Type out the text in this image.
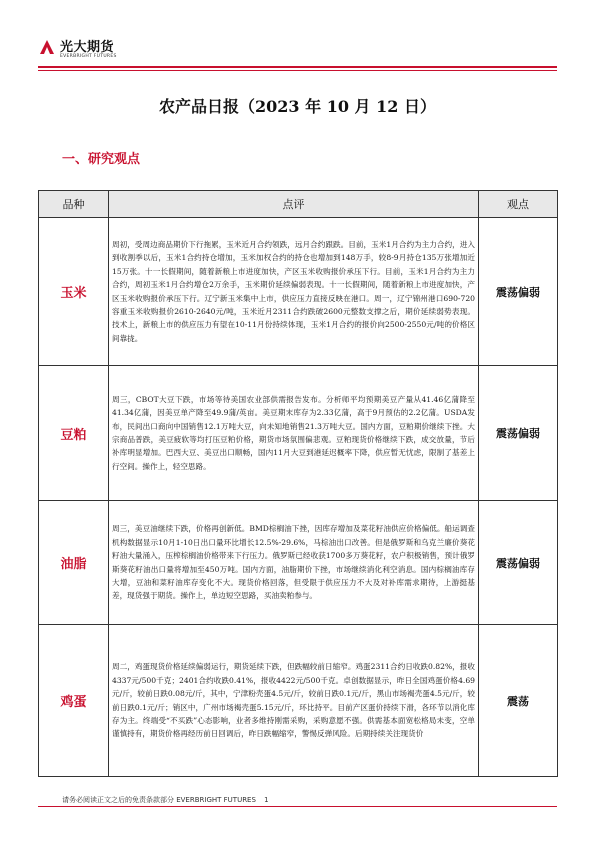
光大期货
EVERBRIGHT FUTURES
农产品日报（2023 年 10 月 12 日）
一、研究观点
品种	点评	观点
玉米	周初，受周边商品期价下行拖累，玉米近月合约领跌，远月合约跟跌。目前，玉米1月合约为主力合约，进入到收割季以后，玉米1合约持仓增加，玉米加权合约的持仓也增加到148万手，较8-9月持仓135万张增加近15万张。十一长假期间，随着新粮上市进度加快，产区玉米收购报价承压下行。目前，玉米1月合约为主力合约，周初玉米1月合约增仓2万余手，玉米期价延续偏弱表现。十一长假期间，随着新粮上市进度加快，产区玉米收购报价承压下行。辽宁新玉米集中上市，供应压力直接反映在港口。周一，辽宁锦州港口690-720容重玉米收购报价2610-2640元/吨，玉米近月2311合约跌破2600元整数支撑之后，期价延续弱势表现。技术上，新粮上市的供应压力有望在10-11月份持续体现，玉米1月合约的报价向2500-2550元/吨的价格区间靠拢。	震荡偏弱
豆粕	周三，CBOT大豆下跌，市场等待美国农业部供需报告发布。分析师平均预期美豆产量从41.46亿蒲降至41.34亿蒲，因美豆单产降至49.9蒲/英亩。美豆期末库存为2.33亿蒲，高于9月预估的2.2亿蒲。USDA发布，民间出口商向中国销售12.1万吨大豆，向未知地销售21.3万吨大豆。国内方面，豆粕期价继续下挫。大宗商品普跌，美豆疲软等均打压豆粕价格，期货市场氛围偏悲观。豆粕现货价格继续下跌，成交放量，节后补库明显增加。巴西大豆、美豆出口顺畅，国内11月大豆到港延迟概率下降，供应暂无忧虑，限制了基差上行空间。操作上，轻空思路。	震荡偏弱
油脂	周三，美豆油继续下跌，价格再创新低。BMD棕榈油下挫，因库存增加及菜花籽油供应价格偏低。船运调查机构数据显示10月1-10日出口量环比增长12.5%-29.6%，马棕油出口改善。但是俄罗斯和乌克兰廉价葵花籽油大量涌入，压榨棕榈油价格带来下行压力。俄罗斯已经收获1700多万葵花籽，农户积极销售，预计俄罗斯葵花籽油出口量将增加至450万吨。国内方面，油脂期价下挫，市场继续消化利空消息。国内棕榈油库存大增，豆油和菜籽油库存变化不大。现货价格回落，但受限于供应压力不大及对补库需求期待，上游挺基差，现货强于期货。操作上，单边短空思路，买油卖粕参与。	震荡偏弱
鸡蛋	周二，鸡蛋现货价格延续偏弱运行，期货延续下跌，但跌幅较前日缩窄。鸡蛋2311合约日收跌0.82%，报收4337元/500千克；2401合约收跌0.41%，报收4422元/500千克。卓创数据显示，昨日全国鸡蛋价格4.69元/斤，较前日跌0.08元/斤，其中，宁津粉壳蛋4.5元/斤，较前日跌0.1元/斤，黑山市场褐壳蛋4.5元/斤，较前日跌0.1元/斤；销区中，广州市场褐壳蛋5.15元/斤，环比持平。目前产区蛋价持续下滑，各环节以消化库存为主。终端受“不买跌”心态影响，业者多维持刚需采购，采购意愿不强。供需基本面宽松格局未变，空单谨慎持有，期货价格再经历前日回调后，昨日跌幅缩窄，警惕反弹风险。后期持续关注现货价	震荡
请务必阅读正文之后的免责条款部分 EVERBRIGHT FUTURES 1
